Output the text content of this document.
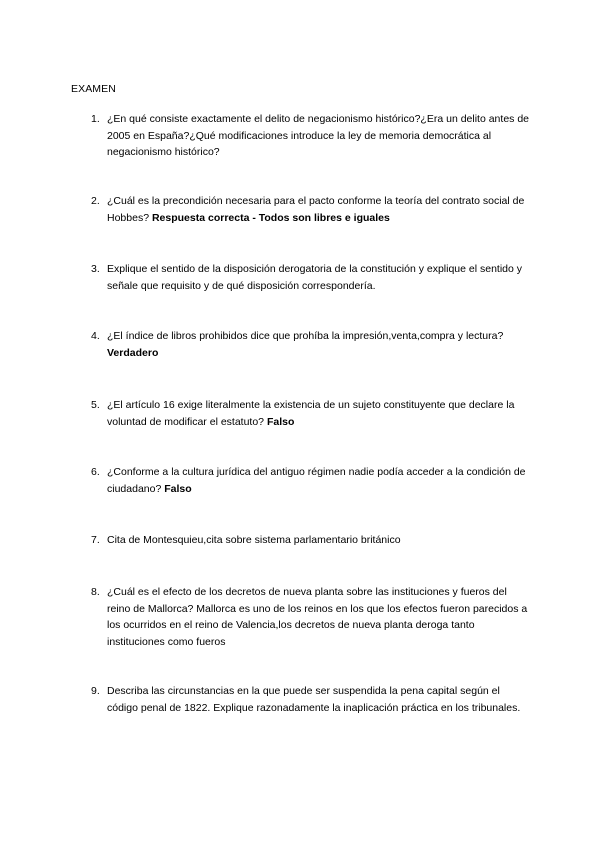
EXAMEN
1. ¿En qué consiste exactamente el delito de negacionismo histórico?¿Era un delito antes de 2005 en España?¿Qué modificaciones introduce la ley de memoria democrática al negacionismo histórico?
2. ¿Cuál es la precondición necesaria para el pacto conforme la teoría del contrato social de Hobbes? Respuesta correcta - Todos son libres e iguales
3. Explique el sentido de la disposición derogatoria de la constitución y explique el sentido y señale que requisito y de qué disposición correspondería.
4. ¿El índice de libros prohibidos dice que prohíba la impresión,venta,compra y lectura? Verdadero
5. ¿El artículo 16 exige literalmente la existencia de un sujeto constituyente que declare la voluntad de modificar el estatuto? Falso
6. ¿Conforme a la cultura jurídica del antiguo régimen nadie podía acceder a la condición de ciudadano? Falso
7. Cita de Montesquieu,cita sobre sistema parlamentario británico
8. ¿Cuál es el efecto de los decretos de nueva planta sobre las instituciones y fueros del reino de Mallorca? Mallorca es uno de los reinos en los que los efectos fueron parecidos a los ocurridos en el reino de Valencia,los decretos de nueva planta deroga tanto instituciones como fueros
9. Describa las circunstancias en la que puede ser suspendida la pena capital según el código penal de 1822. Explique razonadamente la inaplicación práctica en los tribunales.
